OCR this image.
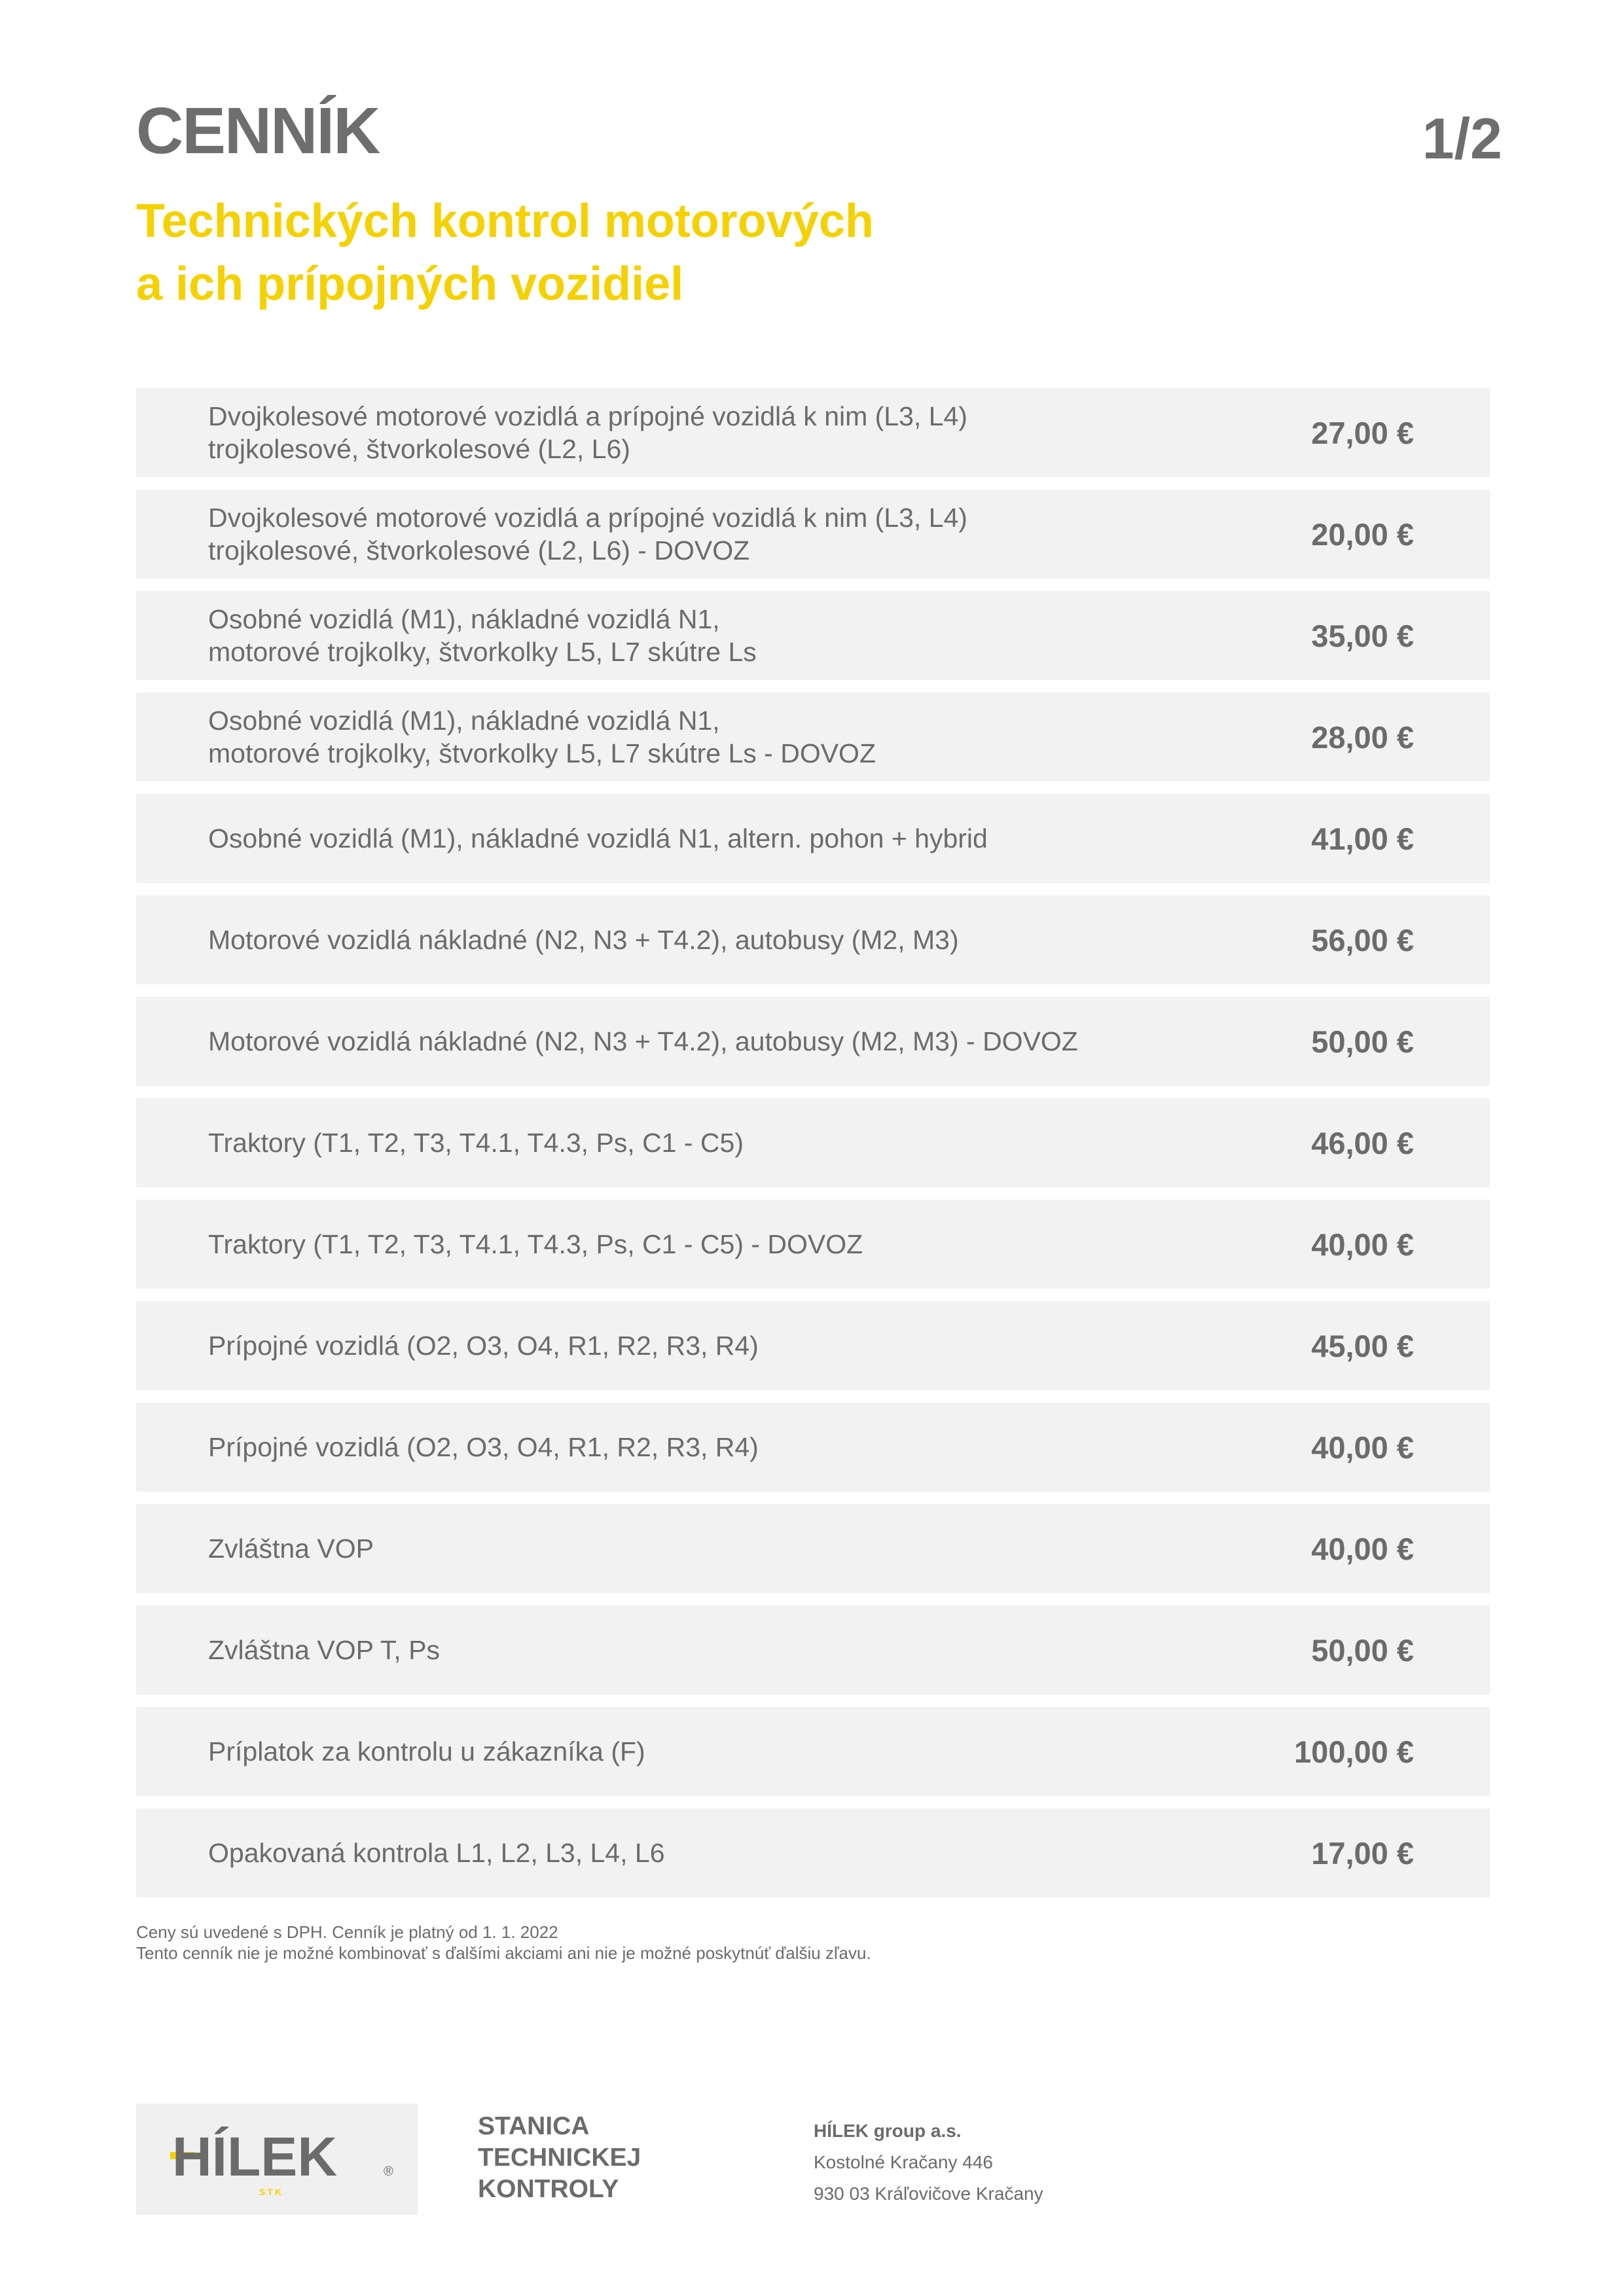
CENNÍK	1/2
Technických kontrol motorových
a ich prípojných vozidiel
Dvojkolesové motorové vozidlá a prípojné vozidlá k nim (L3, L4)
trojkolesové, štvorkolesové (L2, L6)	27,00 €
Dvojkolesové motorové vozidlá a prípojné vozidlá k nim (L3, L4)
trojkolesové, štvorkolesové (L2, L6) - DOVOZ	20,00 €
Osobné vozidlá (M1), nákladné vozidlá N1,
motorové trojkolky, štvorkolky L5, L7 skútre Ls	35,00 €
Osobné vozidlá (M1), nákladné vozidlá N1,
motorové trojkolky, štvorkolky L5, L7 skútre Ls - DOVOZ	28,00 €
Osobné vozidlá (M1), nákladné vozidlá N1, altern. pohon + hybrid	41,00 €
Motorové vozidlá nákladné (N2, N3 + T4.2), autobusy (M2, M3)	56,00 €
Motorové vozidlá nákladné (N2, N3 + T4.2), autobusy (M2, M3) - DOVOZ	50,00 €
Traktory (T1, T2, T3, T4.1, T4.3, Ps, C1 - C5)	46,00 €
Traktory (T1, T2, T3, T4.1, T4.3, Ps, C1 - C5) - DOVOZ	40,00 €
Prípojné vozidlá (O2, O3, O4, R1, R2, R3, R4)	45,00 €
Prípojné vozidlá (O2, O3, O4, R1, R2, R3, R4)	40,00 €
Zvláštna VOP	40,00 €
Zvláštna VOP T, Ps	50,00 €
Príplatok za kontrolu u zákazníka (F)	100,00 €
Opakovaná kontrola L1, L2, L3, L4, L6	17,00 €
Ceny sú uvedené s DPH. Cenník je platný od 1. 1. 2022
Tento cenník nie je možné kombinovať s ďalšími akciami ani nie je možné poskytnúť ďalšiu zľavu.
HÍLEK	®
STK
STANICA
TECHNICKEJ
KONTROLY
HÍLEK group a.s.
Kostolné Kračany 446
930 03 Kráľovičove Kračany
